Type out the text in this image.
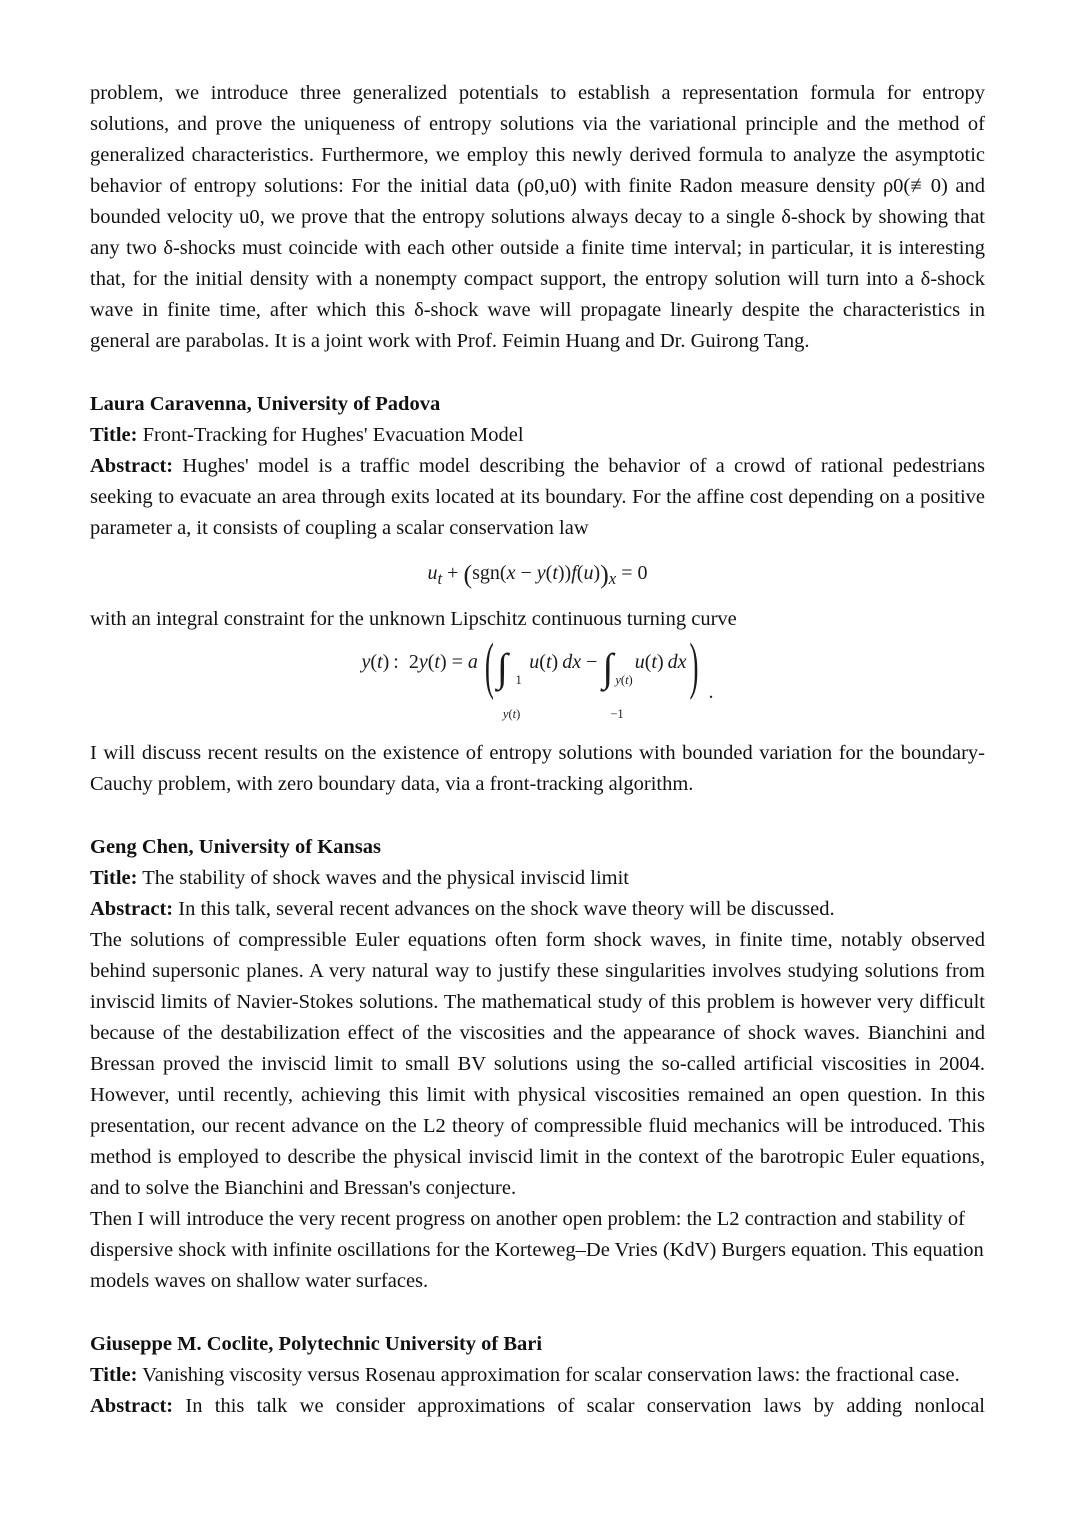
problem, we introduce three generalized potentials to establish a representation formula for entropy solutions, and prove the uniqueness of entropy solutions via the variational principle and the method of generalized characteristics. Furthermore, we employ this newly derived formula to analyze the asymptotic behavior of entropy solutions: For the initial data (ρ0,u0) with finite Radon measure density ρ0(≢0) and bounded velocity u0, we prove that the entropy solutions always decay to a single δ-shock by showing that any two δ-shocks must coincide with each other outside a finite time interval; in particular, it is interesting that, for the initial density with a nonempty compact support, the entropy solution will turn into a δ-shock wave in finite time, after which this δ-shock wave will propagate linearly despite the characteristics in general are parabolas. It is a joint work with Prof. Feimin Huang and Dr. Guirong Tang.

Laura Caravenna, University of Padova

Title: Front-Tracking for Hughes' Evacuation Model

Abstract: Hughes' model is a traffic model describing the behavior of a crowd of rational pedestrians seeking to evacuate an area through exits located at its boundary. For the affine cost depending on a positive parameter a, it consists of coupling a scalar conservation law

$u_t + (sgn(x - y(t))f(u))_x = 0$

with an integral constraint for the unknown Lipschitz continuous turning curve

y(t) : 2y(t) = a  (∫ 1
y(t)
u(t) dx − ∫ y(t)
−1
u(t) dx ) .

I will discuss recent results on the existence of entropy solutions with bounded variation for the boundary-Cauchy problem, with zero boundary data, via a front-tracking algorithm.

Geng Chen, University of Kansas

Title: The stability of shock waves and the physical inviscid limit

Abstract: In this talk, several recent advances on the shock wave theory will be discussed.

The solutions of compressible Euler equations often form shock waves, in finite time, notably observed behind supersonic planes. A very natural way to justify these singularities involves studying solutions from inviscid limits of Navier-Stokes solutions. The mathematical study of this problem is however very difficult because of the destabilization effect of the viscosities and the appearance of shock waves. Bianchini and Bressan proved the inviscid limit to small BV solutions using the so-called artificial viscosities in 2004. However, until recently, achieving this limit with physical viscosities remained an open question. In this presentation, our recent advance on the L2 theory of compressible fluid mechanics will be introduced. This method is employed to describe the physical inviscid limit in the context of the barotropic Euler equations, and to solve the Bianchini and Bressan's conjecture.

Then I will introduce the very recent progress on another open problem: the L2 contraction and stability of dispersive shock with infinite oscillations for the Korteweg–De Vries (KdV) Burgers equation. This equation models waves on shallow water surfaces.

Giuseppe M. Coclite, Polytechnic University of Bari

Title: Vanishing viscosity versus Rosenau approximation for scalar conservation laws: the fractional case.

Abstract: In this talk we consider approximations of scalar conservation laws by adding nonlocal
